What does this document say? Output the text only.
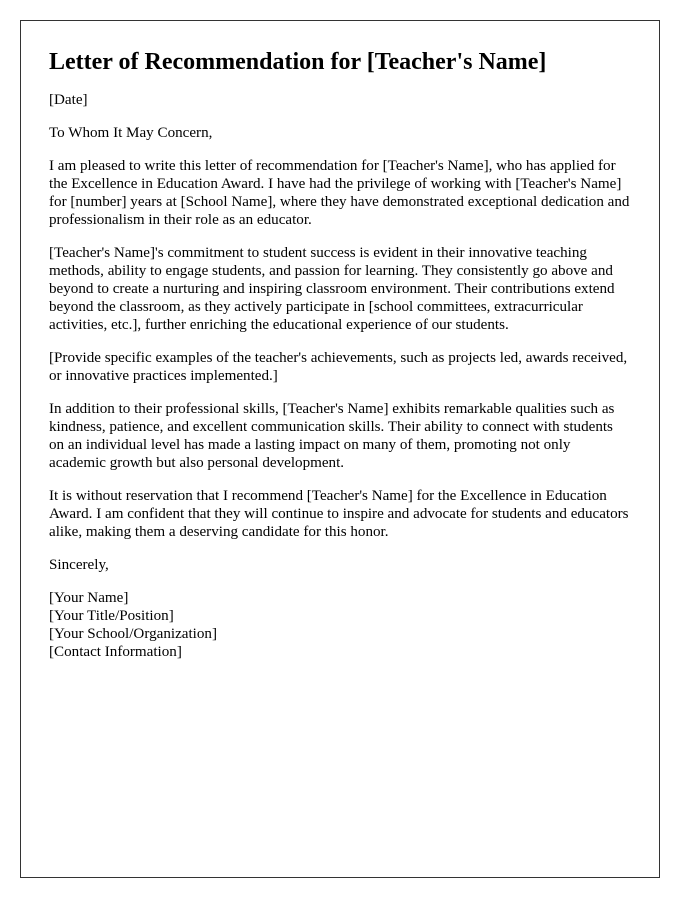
Letter of Recommendation for [Teacher's Name]

[Date]

To Whom It May Concern,

I am pleased to write this letter of recommendation for [Teacher's Name], who has applied for the Excellence in Education Award. I have had the privilege of working with [Teacher's Name] for [number] years at [School Name], where they have demonstrated exceptional dedication and professionalism in their role as an educator.

[Teacher's Name]'s commitment to student success is evident in their innovative teaching methods, ability to engage students, and passion for learning. They consistently go above and beyond to create a nurturing and inspiring classroom environment. Their contributions extend beyond the classroom, as they actively participate in [school committees, extracurricular activities, etc.], further enriching the educational experience of our students.

[Provide specific examples of the teacher's achievements, such as projects led, awards received, or innovative practices implemented.]

In addition to their professional skills, [Teacher's Name] exhibits remarkable qualities such as kindness, patience, and excellent communication skills. Their ability to connect with students on an individual level has made a lasting impact on many of them, promoting not only academic growth but also personal development.

It is without reservation that I recommend [Teacher's Name] for the Excellence in Education Award. I am confident that they will continue to inspire and advocate for students and educators alike, making them a deserving candidate for this honor.

Sincerely,

[Your Name]

[Your Title/Position]

[Your School/Organization]

[Contact Information]
